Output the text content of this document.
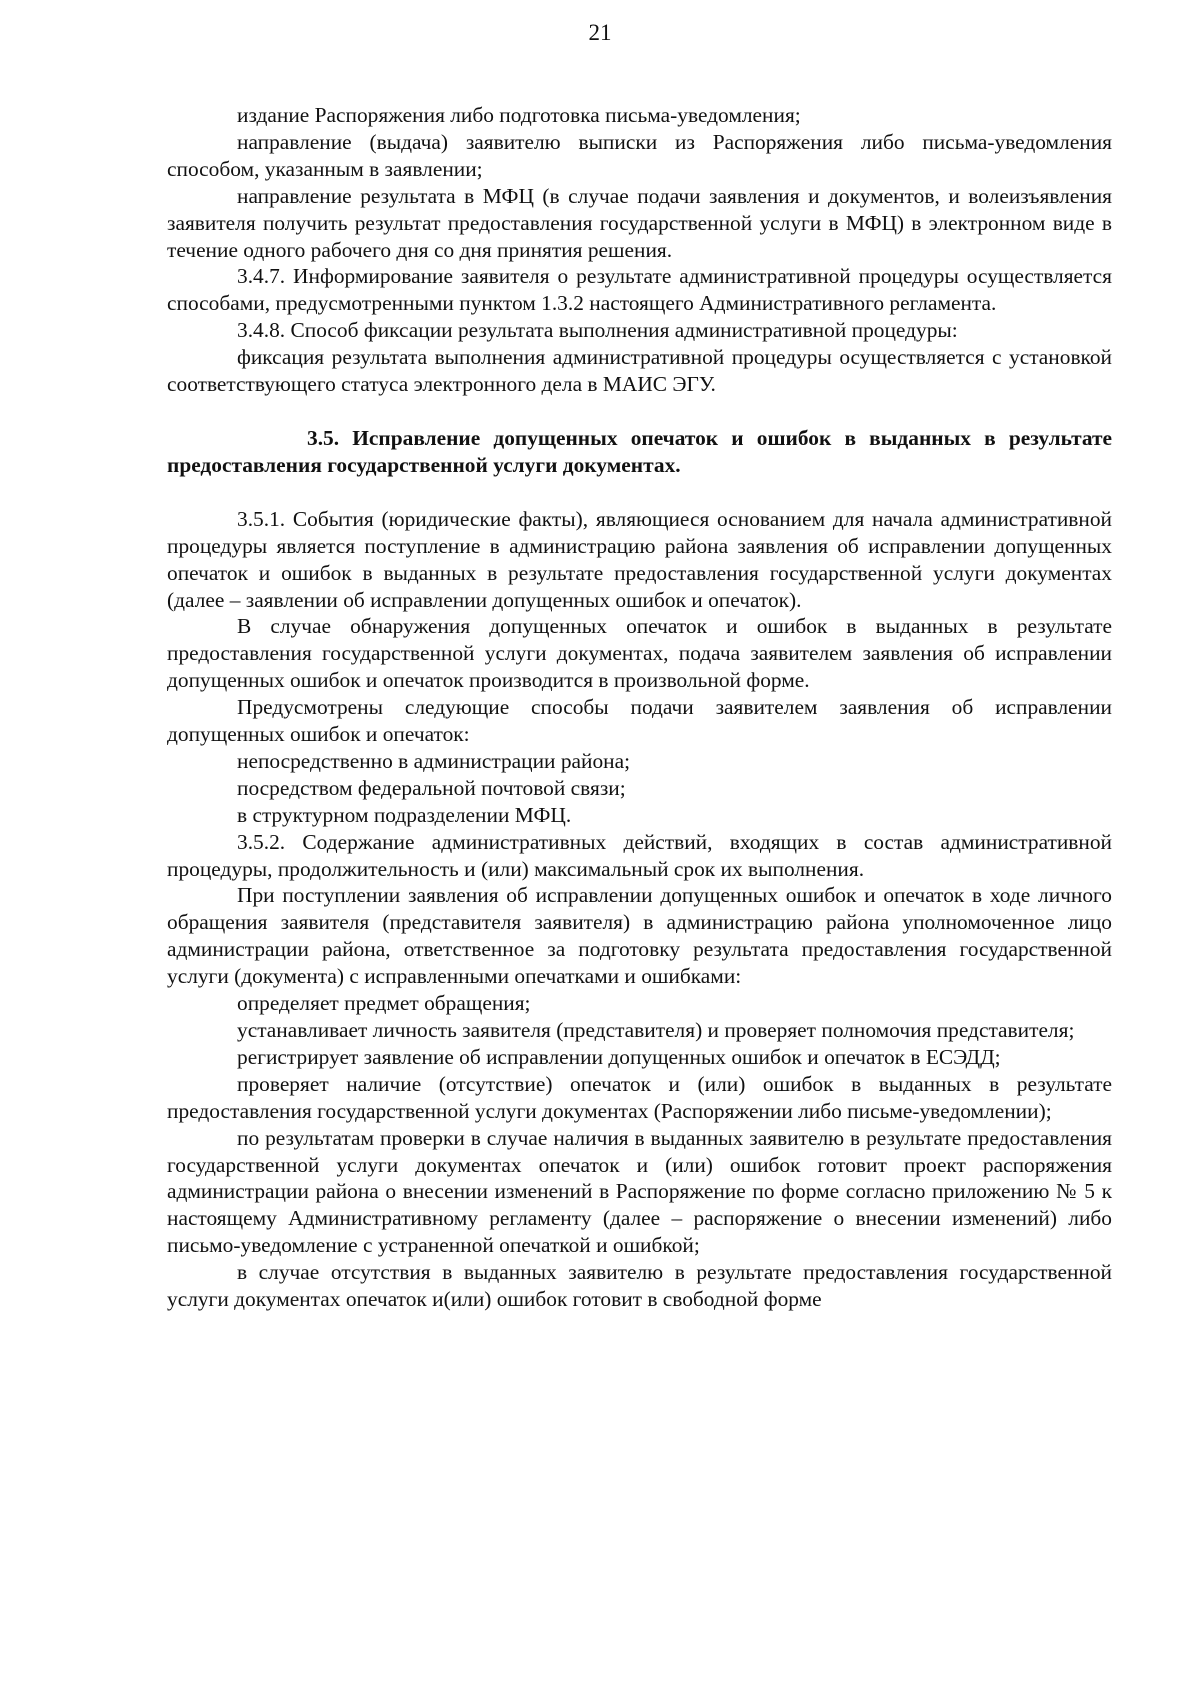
21

издание Распоряжения либо подготовка письма-уведомления;

направление (выдача) заявителю выписки из Распоряжения либо письма-уведомления способом, указанным в заявлении;

направление результата в МФЦ (в случае подачи заявления и документов, и волеизъявления заявителя получить результат предоставления государственной услуги в МФЦ) в электронном виде в течение одного рабочего дня со дня принятия решения.

3.4.7. Информирование заявителя о результате административной процедуры осуществляется способами, предусмотренными пунктом 1.3.2 настоящего Административного регламента.

3.4.8. Способ фиксации результата выполнения административной процедуры:

фиксация результата выполнения административной процедуры осуществляется с установкой соответствующего статуса электронного дела в МАИС ЭГУ.

3.5. Исправление допущенных опечаток и ошибок в выданных в результате предоставления государственной услуги документах.

3.5.1. События (юридические факты), являющиеся основанием для начала административной процедуры является поступление в администрацию района заявления об исправлении допущенных опечаток и ошибок в выданных в результате предоставления государственной услуги документах (далее – заявлении об исправлении допущенных ошибок и опечаток).

В случае обнаружения допущенных опечаток и ошибок в выданных в результате предоставления государственной услуги документах, подача заявителем заявления об исправлении допущенных ошибок и опечаток производится в произвольной форме.

Предусмотрены следующие способы подачи заявителем заявления об исправлении допущенных ошибок и опечаток:

непосредственно в администрации района;

посредством федеральной почтовой связи;

в структурном подразделении МФЦ.

3.5.2. Содержание административных действий, входящих в состав административной процедуры, продолжительность и (или) максимальный срок их выполнения.

При поступлении заявления об исправлении допущенных ошибок и опечаток в ходе личного обращения заявителя (представителя заявителя) в администрацию района уполномоченное лицо администрации района, ответственное за подготовку результата предоставления государственной услуги (документа) с исправленными опечатками и ошибками:

определяет предмет обращения;

устанавливает личность заявителя (представителя) и проверяет полномочия представителя;

регистрирует заявление об исправлении допущенных ошибок и опечаток в ЕСЭДД;

проверяет наличие (отсутствие) опечаток и (или) ошибок в выданных в результате предоставления государственной услуги документах (Распоряжении либо письме-уведомлении);

по результатам проверки в случае наличия в выданных заявителю в результате предоставления государственной услуги документах опечаток и (или) ошибок готовит проект распоряжения администрации района о внесении изменений в Распоряжение по форме согласно приложению № 5 к настоящему Административному регламенту (далее – распоряжение о внесении изменений) либо письмо-уведомление с устраненной опечаткой и ошибкой;

в случае отсутствия в выданных заявителю в результате предоставления государственной услуги документах опечаток и(или) ошибок готовит в свободной форме
